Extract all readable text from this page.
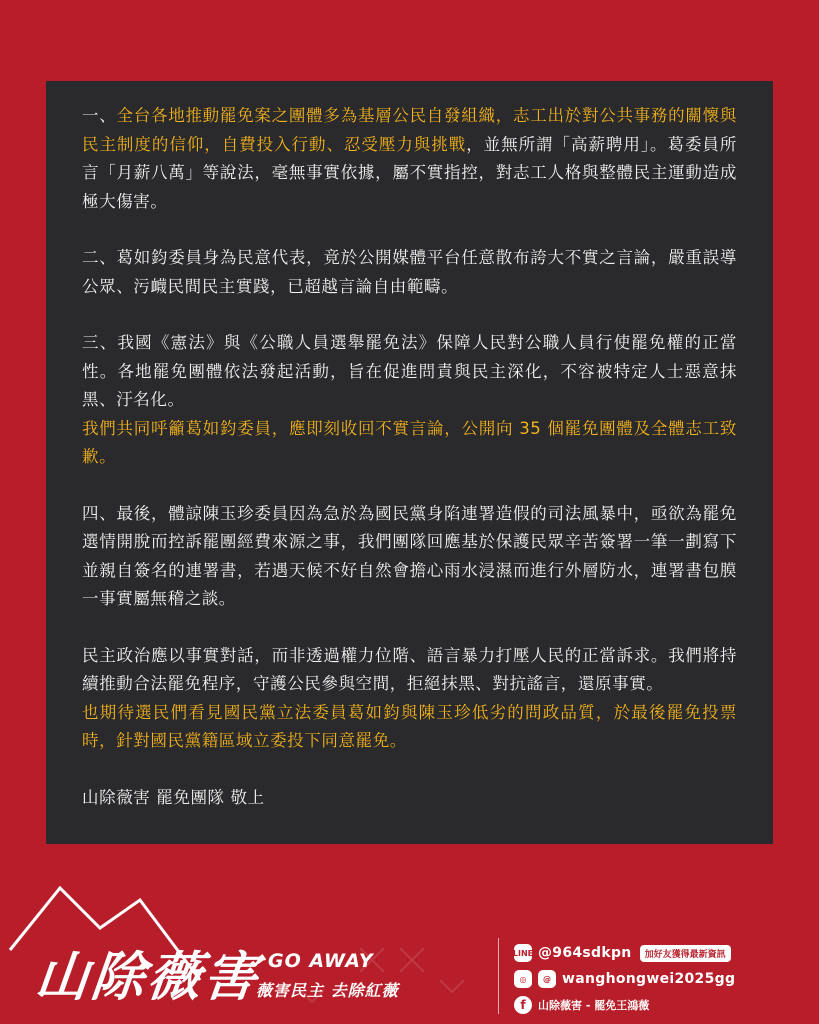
一、全台各地推動罷免案之團體多為基層公民自發組織，志工出於對公共事務的關懷與民主制度的信仰，自費投入行動、忍受壓力與挑戰，並無所謂「高薪聘用」。葛委員所言「月薪八萬」等說法，毫無事實依據，屬不實指控，對志工人格與整體民主運動造成極大傷害。
二、葛如鈞委員身為民意代表，竟於公開媒體平台任意散布誇大不實之言論，嚴重誤導公眾、污衊民間民主實踐，已超越言論自由範疇。
三、我國《憲法》與《公職人員選舉罷免法》保障人民對公職人員行使罷免權的正當性。各地罷免團體依法發起活動，旨在促進問責與民主深化，不容被特定人士惡意抹黑、汙名化。
我們共同呼籲葛如鈞委員，應即刻收回不實言論，公開向 35 個罷免團體及全體志工致歉。
四、最後，體諒陳玉珍委員因為急於為國民黨身陷連署造假的司法風暴中，亟欲為罷免選情開脫而控訴罷團經費來源之事，我們團隊回應基於保護民眾辛苦簽署一筆一劃寫下並親自簽名的連署書，若遇天候不好自然會擔心雨水浸濕而進行外層防水，連署書包膜一事實屬無稽之談。
民主政治應以事實對話，而非透過權力位階、語言暴力打壓人民的正當訴求。我們將持續推動合法罷免程序，守護公民參與空間，拒絕抹黑、對抗謠言，還原事實。
也期待選民們看見國民黨立法委員葛如鈞與陳玉珍低劣的問政品質，於最後罷免投票時，針對國民黨籍區域立委投下同意罷免。
山除薇害 罷免團隊 敬上
山除薇害 GO AWAY
薇害民主 去除紅薇
LINE @964sdkpn	加好友獲得最新資訊
◎	@ wanghongwei2025gg
f	山除薇害 - 罷免王鴻薇
